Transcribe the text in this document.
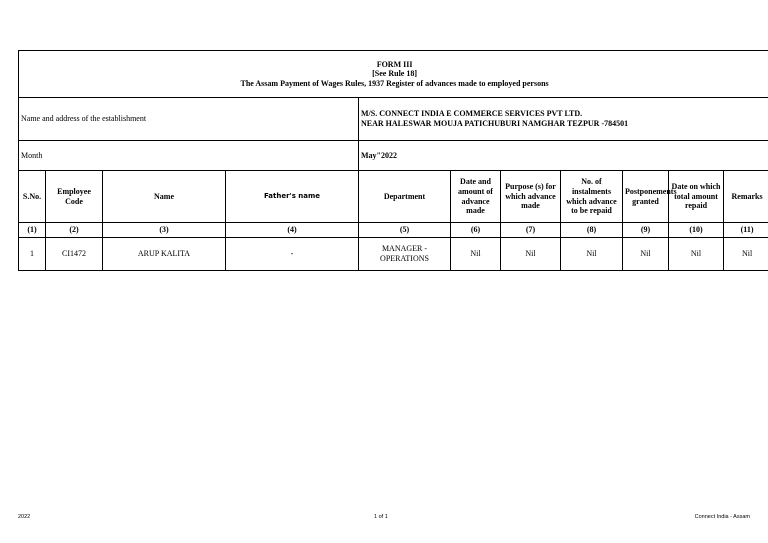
FORM III
[See Rule 18]
The Assam Payment of Wages Rules, 1937 Register of advances made to employed persons										

Name and address of the establishment				M/S. CONNECT INDIA E COMMERCE SERVICES PVT LTD.
NEAR HALESWAR MOUJA PATICHUBURI NAMGHAR TEZPUR -784501						

Month				May"2022						
S.No.	Employee Code	Name	Father's name	Department	Date and amount of advance made	Purpose (s) for which advance made	No. of instalments which advance to be repaid	Postponements granted	Date on which total amount repaid	Remarks
(1)	(2)	(3)	(4)	(5)	(6)	(7)	(8)	(9)	(10)	(11)
1	CI1472	ARUP KALITA	-	MANAGER - OPERATIONS	Nil	Nil	Nil	Nil	Nil	Nil
2022	1 of 1	Connect India - Assam
